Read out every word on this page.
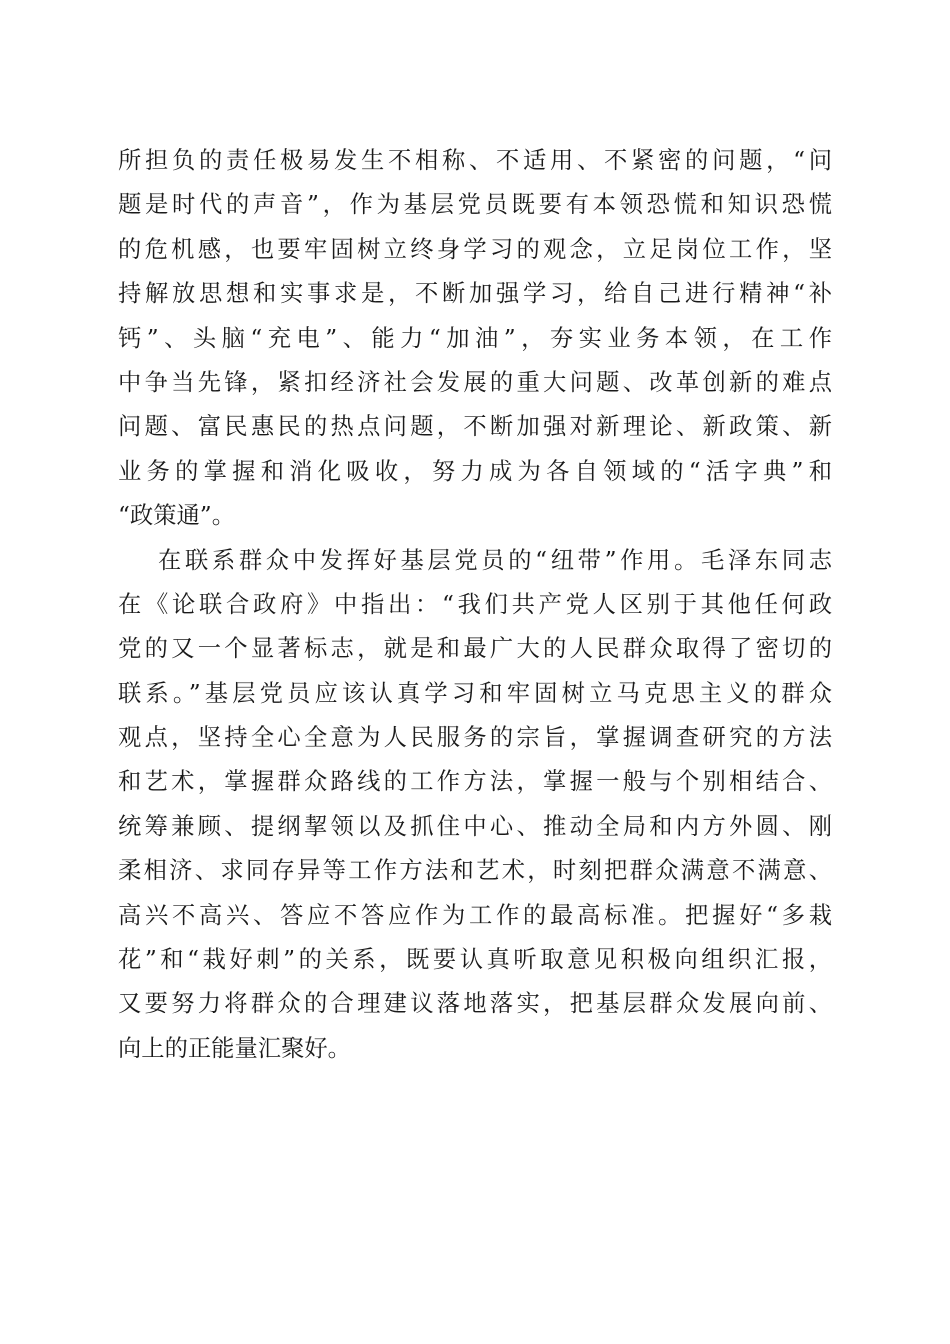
所担负的责任极易发生不相称、不适用、不紧密的问题，“问
题是时代的声音”，作为基层党员既要有本领恐慌和知识恐慌
的危机感，也要牢固树立终身学习的观念，立足岗位工作，坚
持解放思想和实事求是，不断加强学习，给自己进行精神“补
钙”、头脑“充电”、能力“加油”，夯实业务本领，在工作
中争当先锋，紧扣经济社会发展的重大问题、改革创新的难点
问题、富民惠民的热点问题，不断加强对新理论、新政策、新
业务的掌握和消化吸收，努力成为各自领域的“活字典”和
“政策通”。
在联系群众中发挥好基层党员的“纽带”作用。毛泽东同志
在《论联合政府》中指出：“我们共产党人区别于其他任何政
党的又一个显著标志，就是和最广大的人民群众取得了密切的
联系。”基层党员应该认真学习和牢固树立马克思主义的群众
观点，坚持全心全意为人民服务的宗旨，掌握调查研究的方法
和艺术，掌握群众路线的工作方法，掌握一般与个别相结合、
统筹兼顾、提纲挈领以及抓住中心、推动全局和内方外圆、刚
柔相济、求同存异等工作方法和艺术，时刻把群众满意不满意、
高兴不高兴、答应不答应作为工作的最高标准。把握好“多栽
花”和“栽好刺”的关系，既要认真听取意见积极向组织汇报，
又要努力将群众的合理建议落地落实，把基层群众发展向前、
向上的正能量汇聚好。
